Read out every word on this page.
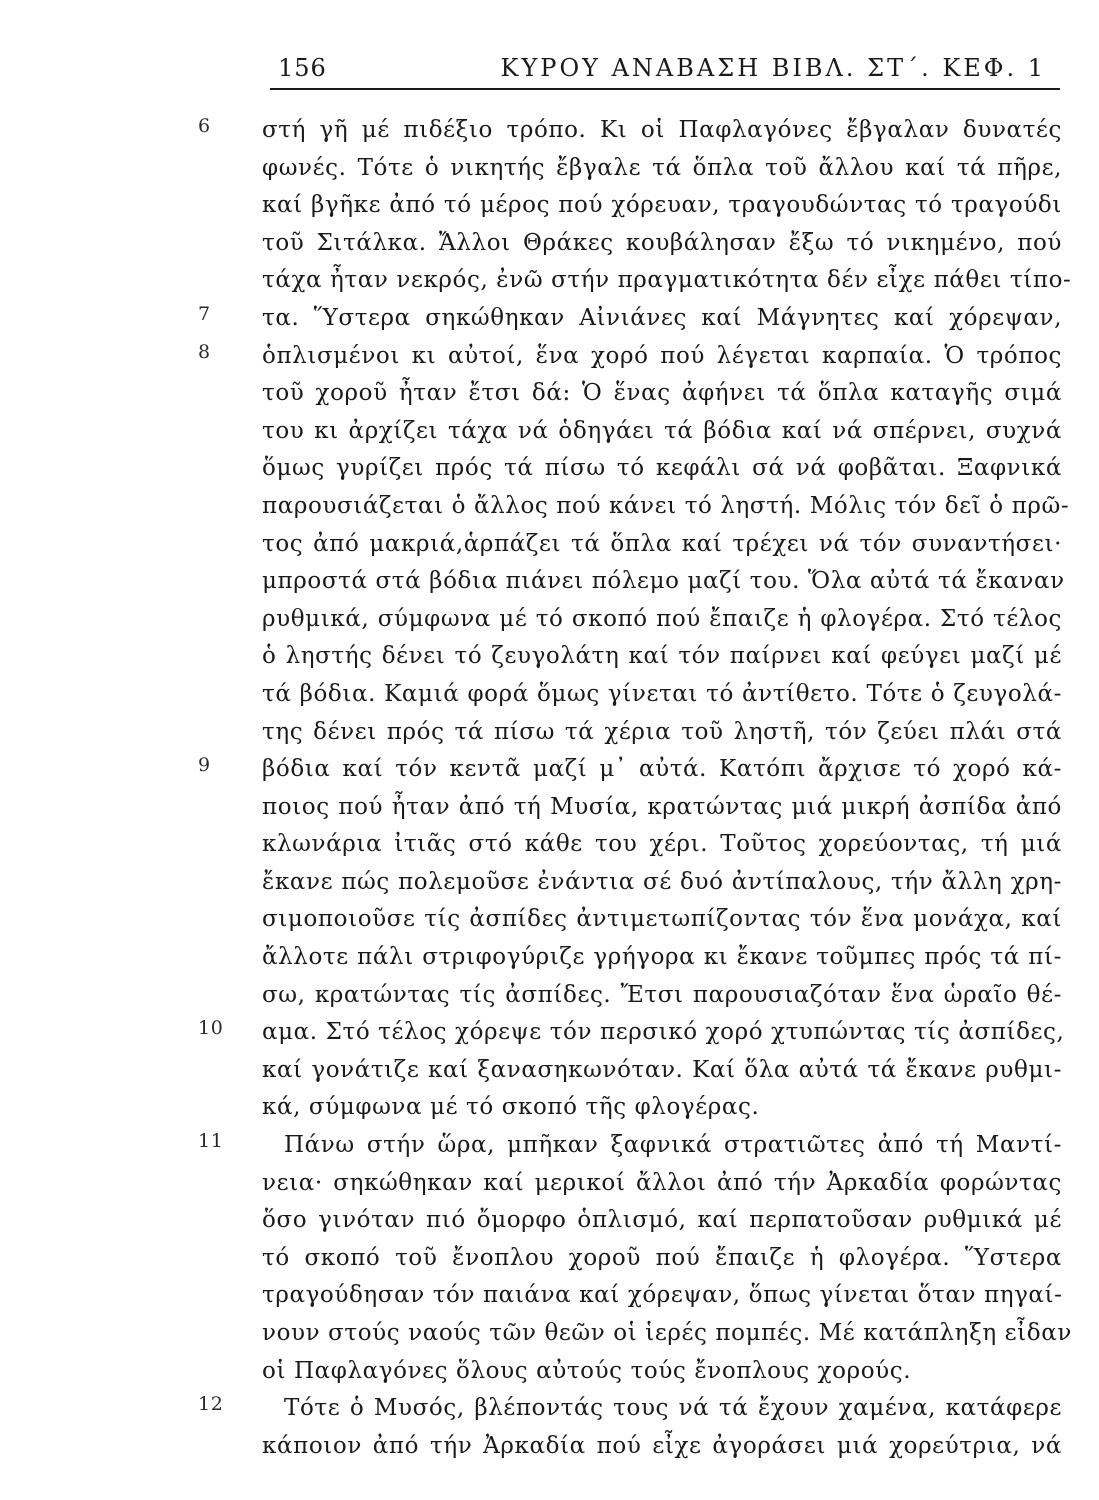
156	ΚΥΡΟΥ ΑΝΑΒΑΣΗ ΒΙΒΛ. ΣΤ΄. ΚΕΦ. 1
6	στή γῆ μέ πιδέξιο τρόπο. Κι οἱ Παφλαγόνες ἔβγαλαν δυνατές
φωνές. Τότε ὁ νικητής ἔβγαλε τά ὅπλα τοῦ ἄλλου καί τά πῆρε,
καί βγῆκε ἀπό τό μέρος πού χόρευαν, τραγουδώντας τό τραγούδι
τοῦ Σιτάλκα. Ἄλλοι Θράκες κουβάλησαν ἔξω τό νικημένο, πού
τάχα ἦταν νεκρός, ἐνῶ στήν πραγματικότητα δέν εἶχε πάθει τίπο-
7	τα. Ὕστερα σηκώθηκαν Αἰνιάνες καί Μάγνητες καί χόρεψαν,
8	ὁπλισμένοι κι αὐτοί, ἕνα χορό πού λέγεται καρπαία. Ὁ τρόπος
τοῦ χοροῦ ἦταν ἔτσι δά: Ὁ ἕνας ἀφήνει τά ὅπλα καταγῆς σιμά
του κι ἀρχίζει τάχα νά ὁδηγάει τά βόδια καί νά σπέρνει, συχνά
ὅμως γυρίζει πρός τά πίσω τό κεφάλι σά νά φοβᾶται. Ξαφνικά
παρουσιάζεται ὁ ἄλλος πού κάνει τό ληστή. Μόλις τόν δεῖ ὁ πρῶ-
τος ἀπό μακριά,ἁρπάζει τά ὅπλα καί τρέχει νά τόν συναντήσει·
μπροστά στά βόδια πιάνει πόλεμο μαζί του. Ὅλα αὐτά τά ἔκαναν
ρυθμικά, σύμφωνα μέ τό σκοπό πού ἔπαιζε ἡ φλογέρα. Στό τέλος
ὁ ληστής δένει τό ζευγολάτη καί τόν παίρνει καί φεύγει μαζί μέ
τά βόδια. Καμιά φορά ὅμως γίνεται τό ἀντίθετο. Τότε ὁ ζευγολά-
της δένει πρός τά πίσω τά χέρια τοῦ ληστῆ, τόν ζεύει πλάι στά
9	βόδια καί τόν κεντᾶ μαζί μ᾽ αὐτά. Κατόπι ἄρχισε τό χορό κά-
ποιος πού ἦταν ἀπό τή Μυσία, κρατώντας μιά μικρή ἀσπίδα ἀπό
κλωνάρια ἰτιᾶς στό κάθε του χέρι. Τοῦτος χορεύοντας, τή μιά
ἔκανε πώς πολεμοῦσε ἐνάντια σέ δυό ἀντίπαλους, τήν ἄλλη χρη-
σιμοποιοῦσε τίς ἀσπίδες ἀντιμετωπίζοντας τόν ἕνα μονάχα, καί
ἄλλοτε πάλι στριφογύριζε γρήγορα κι ἔκανε τοῦμπες πρός τά πί-
σω, κρατώντας τίς ἀσπίδες. Ἔτσι παρουσιαζόταν ἕνα ὡραῖο θέ-
10 αμα. Στό τέλος χόρεψε τόν περσικό χορό χτυπώντας τίς ἀσπίδες,
καί γονάτιζε καί ξανασηκωνόταν. Καί ὅλα αὐτά τά ἔκανε ρυθμι-
κά, σύμφωνα μέ τό σκοπό τῆς φλογέρας.
11	Πάνω στήν ὥρα, μπῆκαν ξαφνικά στρατιῶτες ἀπό τή Μαντί-
νεια· σηκώθηκαν καί μερικοί ἄλλοι ἀπό τήν Ἀρκαδία φορώντας
ὅσο γινόταν πιό ὄμορφο ὁπλισμό, καί περπατοῦσαν ρυθμικά μέ
τό σκοπό τοῦ ἔνοπλου χοροῦ πού ἔπαιζε ἡ φλογέρα. Ὕστερα
τραγούδησαν τόν παιάνα καί χόρεψαν, ὅπως γίνεται ὅταν πηγαί-
νουν στούς ναούς τῶν θεῶν οἱ ἱερές πομπές. Μέ κατάπληξη εἶδαν
οἱ Παφλαγόνες ὅλους αὐτούς τούς ἔνοπλους χορούς.
12	Τότε ὁ Μυσός, βλέποντάς τους νά τά ἔχουν χαμένα, κατάφερε
κάποιον ἀπό τήν Ἀρκαδία πού εἶχε ἀγοράσει μιά χορεύτρια, νά
